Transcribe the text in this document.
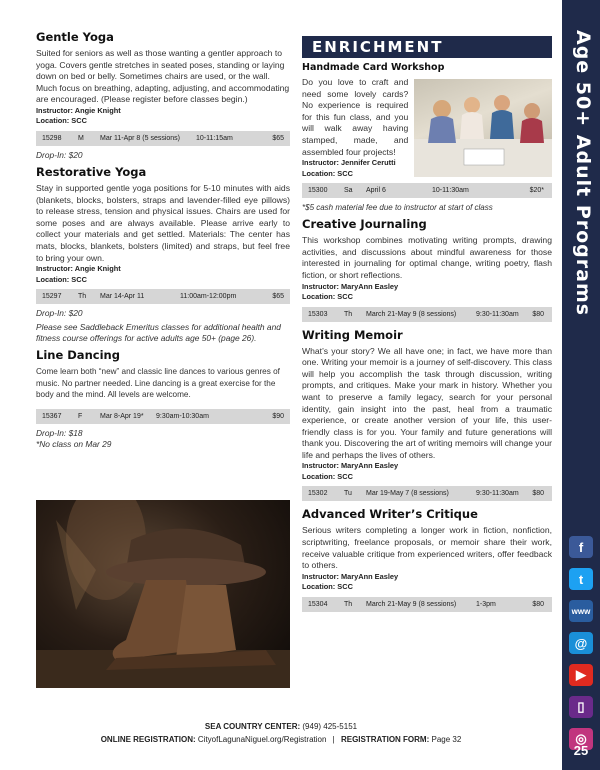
Gentle Yoga

Suited for seniors as well as those wanting a gentler approach to yoga. Covers gentle stretches in seated poses, standing or laying down on bed or belly. Sometimes chairs are used, or the wall. Much focus on breathing, adapting, adjusting, and accommodating are encouraged. (Please register before classes begin.)

Instructor: Angie Knight

Location: SCC

15298	M	Mar 11-Apr 8 (5 sessions)	10-11:15am	$65

Drop-In: $20

Restorative Yoga

Stay in supported gentle yoga positions for 5-10 minutes with aids (blankets, blocks, bolsters, straps and lavender-filled eye pillows) to release stress, tension and physical issues. Chairs are used for some poses and are always available. Please arrive early to collect your materials and get settled. Materials: The center has mats, blocks, blankets, bolsters (limited) and straps, but feel free to bring your own.

Instructor: Angie Knight

Location: SCC

15297	Th	Mar 14-Apr 11	11:00am-12:00pm	$65

Drop-In: $20

Please see Saddleback Emeritus classes for additional health and fitness course offerings for active adults age 50+ (page 26).

Line Dancing

Come learn both “new” and classic line dances to various genres of music. No partner needed. Line dancing is a great exercise for the body and the mind. All levels are welcome.

15367	F	Mar 8-Apr 19*	9:30am-10:30am	$90

Drop-In: $18

*No class on Mar 29

ENRICHMENT
Handmade Card Workshop

Do you love to craft and need some lovely cards? No experience is required for this fun class, and you will walk away having stamped, made, and assembled four projects!

Instructor: Jennifer Cerutti

Location: SCC

15300	Sa	April 6	10-11:30am	$20*

*$5 cash material fee due to instructor at start of class

Creative Journaling

This workshop combines motivating writing prompts, drawing activities, and discussions about mindful awareness for those interested in journaling for optimal change, writing poetry, flash fiction, or short reflections.

Instructor: MaryAnn Easley

Location: SCC

15303	Th	March 21-May 9 (8 sessions)	9:30-11:30am	$80
Writing Memoir

What’s your story? We all have one; in fact, we have more than one. Writing your memoir is a journey of self-discovery. This class will help you accomplish the task through discussion, writing prompts, and critiques. Make your mark in history. Whether you want to preserve a family legacy, search for your personal identity, gain insight into the past, heal from a traumatic experience, or create another version of your life, this user-friendly class is for you. Your family and future generations will thank you. Discovering the art of writing memoirs will change your life and perhaps the lives of others.

Instructor: MaryAnn Easley

Location: SCC

15302	Tu	Mar 19-May 7 (8 sessions)	9:30-11:30am	$80
Advanced Writer’s Critique

Serious writers completing a longer work in fiction, nonfiction, scriptwriting, freelance proposals, or memoir share their work, receive valuable critique from experienced writers, offer feedback to others.

Instructor: MaryAnn Easley

Location: SCC

15304	Th	March 21-May 9 (8 sessions)	1-3pm	$80
Age 50+ Adult Programs
f
t
www
@
▶
▯
◎
25
SEA COUNTRY CENTER: (949) 425-5151
ONLINE REGISTRATION: CityofLagunaNiguel.org/Registration | REGISTRATION FORM: Page 32
